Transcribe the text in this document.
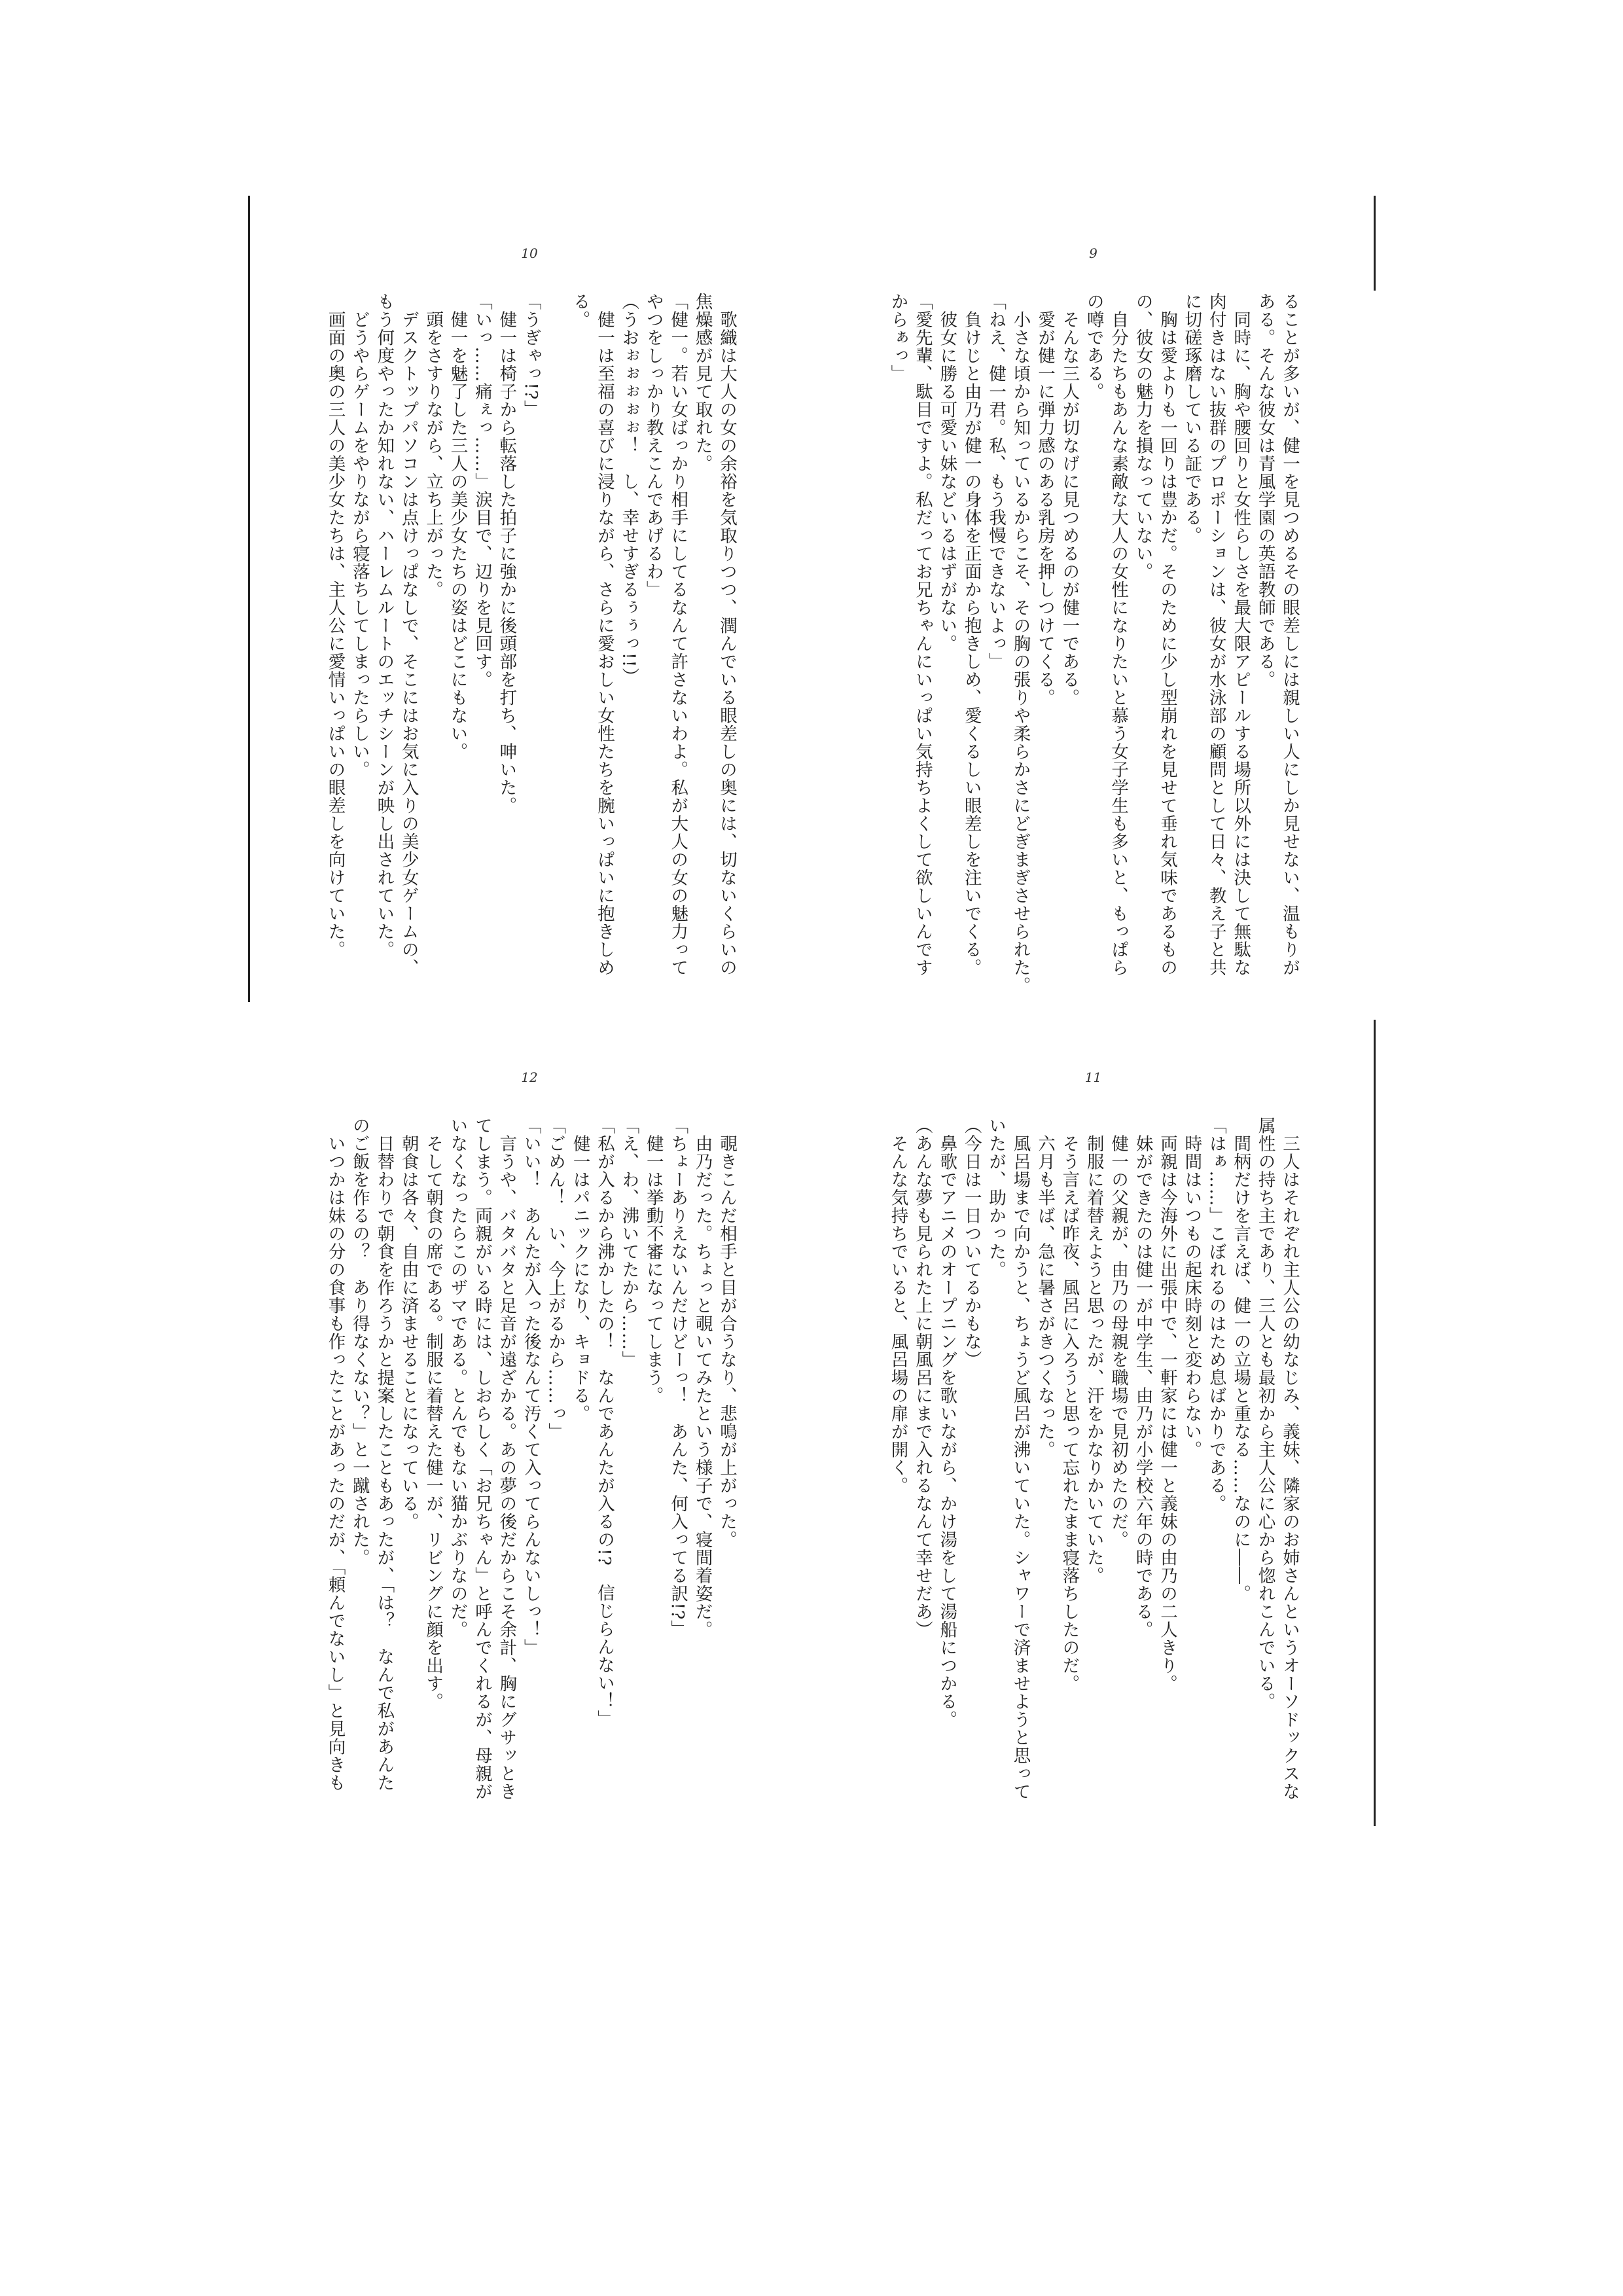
10
　歌織は大人の女の余裕を気取りつつ、潤んでいる眼差しの奥には、切ないくらいの
焦燥感が見て取れた。
「健一。若い女ばっかり相手にしてるなんて許さないわよ。私が大人の女の魅力って
やつをしっかり教えこんであげるわ」
（うおぉぉぉぉぉ！　し、幸せすぎるぅぅっ!!）
　健一は至福の喜びに浸りながら、さらに愛おしい女性たちを腕いっぱいに抱きしめ
る。

「うぎゃっ!?」
　健一は椅子から転落した拍子に強かに後頭部を打ち、呻いた。
「いっ……痛ぇっ……」涙目で、辺りを見回す。
　健一を魅了した三人の美少女たちの姿はどこにもない。
　頭をさすりながら、立ち上がった。
　デスクトップパソコンは点けっぱなしで、そこにはお気に入りの美少女ゲームの、
もう何度やったか知れない、ハーレムルートのエッチシーンが映し出されていた。
　どうやらゲームをやりながら寝落ちしてしまったらしい。
　画面の奥の三人の美少女たちは、主人公に愛情いっぱいの眼差しを向けていた。
9
ることが多いが、健一を見つめるその眼差しには親しい人にしか見せない、温もりが
ある。そんな彼女は青風学園の英語教師である。
　同時に、胸や腰回りと女性らしさを最大限アピールする場所以外には決して無駄な
肉付きはない抜群のプロポーションは、彼女が水泳部の顧問として日々、教え子と共
に切磋琢磨している証である。
　胸は愛よりも一回りは豊かだ。そのために少し型崩れを見せて垂れ気味であるもの
の、彼女の魅力を損なっていない。
　自分たちもあんな素敵な大人の女性になりたいと慕う女子学生も多いと、もっぱら
の噂である。
　そんな三人が切なげに見つめるのが健一である。
　愛が健一に弾力感のある乳房を押しつけてくる。
　小さな頃から知っているからこそ、その胸の張りや柔らかさにどぎまぎさせられた。
「ねえ、健一君。私、もう我慢できないよっ」
　負けじと由乃が健一の身体を正面から抱きしめ、愛くるしい眼差しを注いでくる。
　彼女に勝る可愛い妹などいるはずがない。
「愛先輩、駄目ですよ。私だってお兄ちゃんにいっぱい気持ちよくして欲しいんです
からぁっ」
12
　覗きこんだ相手と目が合うなり、悲鳴が上がった。
　由乃だった。ちょっと覗いてみたという様子で、寝間着姿だ。
「ちょーありえないんだけどーっ！　あんた、何入ってる訳!?」
　健一は挙動不審になってしまう。
「え、わ、沸いてたから……」
「私が入るから沸かしたの！　なんであんたが入るの!?　信じらんない！」
　健一はパニックになり、キョドる。
「ごめん！　い、今上がるから……っ」
「いい！　あんたが入った後なんて汚くて入ってらんないしっ！」
　言うや、バタバタと足音が遠ざかる。あの夢の後だからこそ余計、胸にグサッとき
てしまう。両親がいる時には、しおらしく「お兄ちゃん」と呼んでくれるが、母親が
いなくなったらこのザマである。とんでもない猫かぶりなのだ。
　そして朝食の席である。制服に着替えた健一が、リビングに顔を出す。
　朝食は各々、自由に済ませることになっている。
　日替わりで朝食を作ろうかと提案したこともあったが、「は？　なんで私があんた
のご飯を作るの？　あり得なくない？」と一蹴された。
　いつかは妹の分の食事も作ったことがあったのだが、「頼んでないし」と見向きも
11
　三人はそれぞれ主人公の幼なじみ、義妹、隣家のお姉さんというオーソドックスな
属性の持ち主であり、三人とも最初から主人公に心から惚れこんでいる。
　間柄だけを言えば、健一の立場と重なる……なのに――。
「はぁ……」こぼれるのはため息ばかりである。
　時間はいつもの起床時刻と変わらない。
　両親は今海外に出張中で、一軒家には健一と義妹の由乃の二人きり。
　妹ができたのは健一が中学生、由乃が小学校六年の時である。
　健一の父親が、由乃の母親を職場で見初めたのだ。
　制服に着替えようと思ったが、汗をかなりかいていた。
　そう言えば昨夜、風呂に入ろうと思って忘れたまま寝落ちしたのだ。
　六月も半ば、急に暑さがきつくなった。
　風呂場まで向かうと、ちょうど風呂が沸いていた。シャワーで済ませようと思って
いたが、助かった。
（今日は一日ついてるかもな）
　鼻歌でアニメのオープニングを歌いながら、かけ湯をして湯船につかる。
（あんな夢も見られた上に朝風呂にまで入れるなんて幸せだあ）
　そんな気持ちでいると、風呂場の扉が開く。
